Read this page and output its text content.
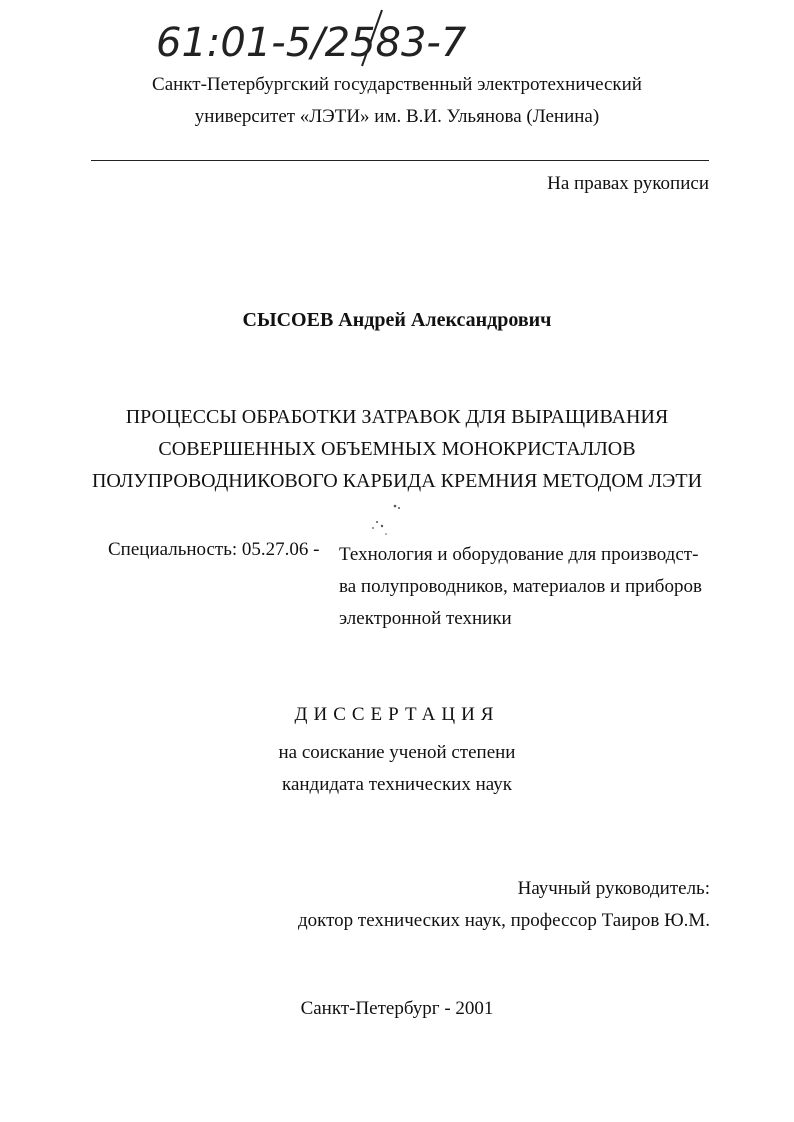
61:01-5/2583-7
Санкт-Петербургский государственный электротехнический
университет «ЛЭТИ» им. В.И. Ульянова (Ленина)
На правах рукописи
СЫСОЕВ Андрей Александрович
ПРОЦЕССЫ ОБРАБОТКИ ЗАТРАВОК ДЛЯ ВЫРАЩИВАНИЯ
СОВЕРШЕННЫХ ОБЪЕМНЫХ МОНОКРИСТАЛЛОВ
ПОЛУПРОВОДНИКОВОГО КАРБИДА КРЕМНИЯ МЕТОДОМ ЛЭТИ
Специальность: 05.27.06 - Технология и оборудование для производст-
ва полупроводников, материалов и приборов
электронной техники
ДИССЕРТАЦИЯ
на соискание ученой степени
кандидата технических наук
Научный руководитель:
доктор технических наук, профессор Таиров Ю.М.
Санкт-Петербург - 2001
